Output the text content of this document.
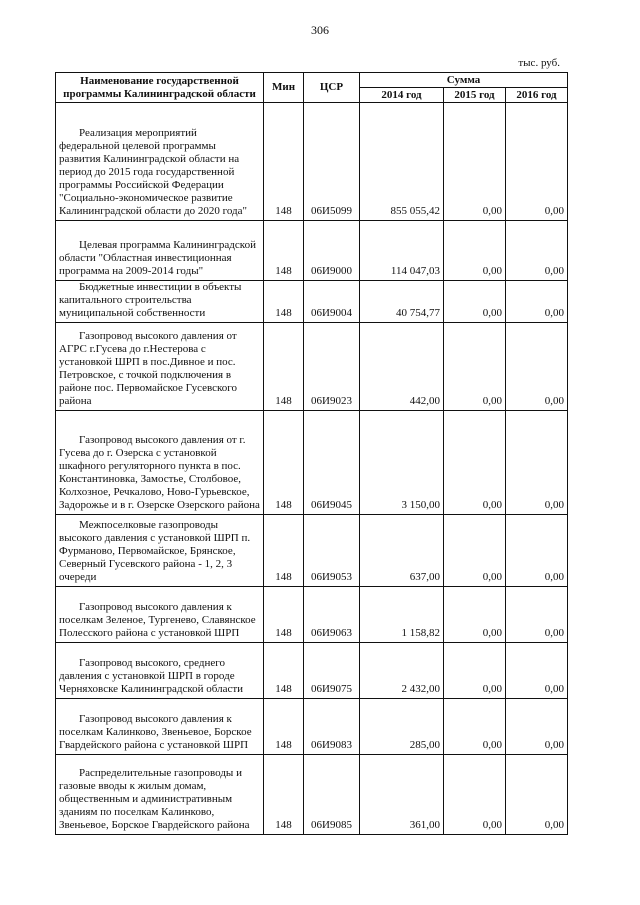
306
тыс. руб.
Наименование государственной программы Калининградской области	Мин	ЦСР	Сумма		
			2014 год	2015 год	2016 год
Реализация мероприятий федеральной целевой программы развития Калининградской области на период до 2015 года государственной программы Российской Федерации "Социально-экономическое развитие Калининградской области до 2020 года"	148	06И5099	855 055,42	0,00	0,00
Целевая программа Калининградской области "Областная инвестиционная программа на 2009-2014 годы"	148	06И9000	114 047,03	0,00	0,00
Бюджетные инвестиции в объекты капитального строительства муниципальной собственности	148	06И9004	40 754,77	0,00	0,00
Газопровод высокого давления от АГРС г.Гусева до г.Нестерова с установкой ШРП в пос.Дивное и пос. Петровское, с точкой подключения в районе пос. Первомайское Гусевского района	148	06И9023	442,00	0,00	0,00
Газопровод высокого давления от г. Гусева до г. Озерска с установкой шкафного регуляторного пункта в пос. Константиновка, Замостье, Столбовое, Колхозное, Речкалово, Ново-Гурьевское, Задорожье и в г. Озерске Озерского района	148	06И9045	3 150,00	0,00	0,00
Межпоселковые газопроводы высокого давления с установкой ШРП п. Фурманово, Первомайское, Брянское, Северный Гусевского района - 1, 2, 3 очереди	148	06И9053	637,00	0,00	0,00
Газопровод высокого давления к поселкам Зеленое, Тургенево, Славянское Полесского района с установкой ШРП	148	06И9063	1 158,82	0,00	0,00
Газопровод высокого, среднего давления с установкой ШРП в городе Черняховске Калининградской области	148	06И9075	2 432,00	0,00	0,00
Газопровод высокого давления к поселкам Калинково, Звеньевое, Борское Гвардейского района с установкой ШРП	148	06И9083	285,00	0,00	0,00
Распределительные газопроводы и газовые вводы к жилым домам, общественным и административным зданиям по поселкам Калинково, Звеньевое, Борское Гвардейского района	148	06И9085	361,00	0,00	0,00
